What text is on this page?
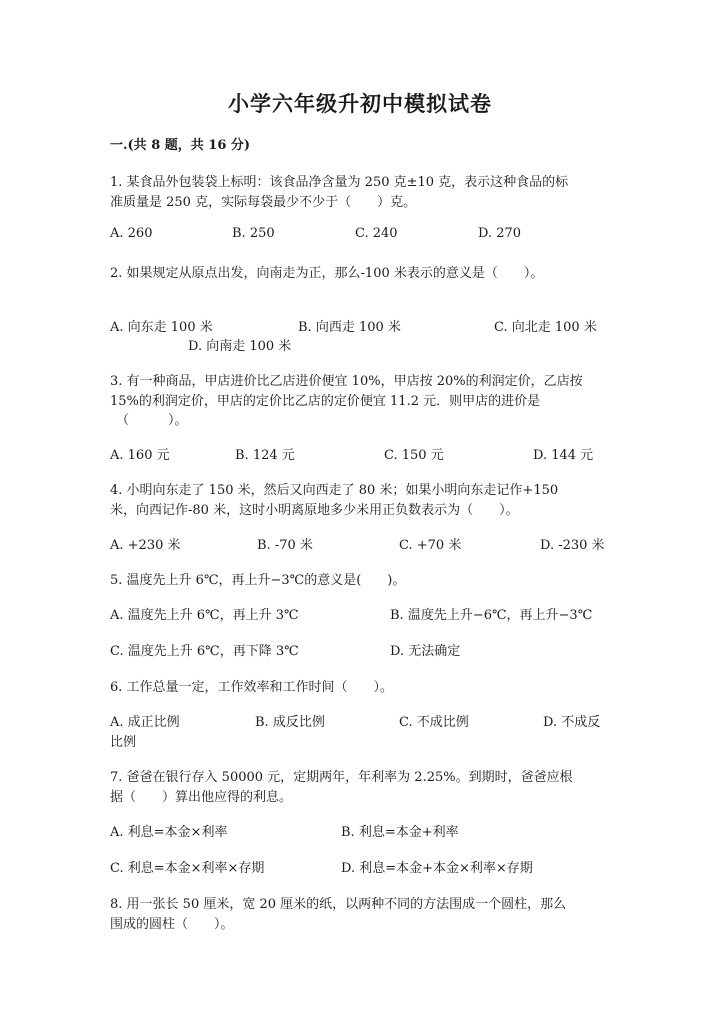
小学六年级升初中模拟试卷
一.(共 8 题，共 16 分)
1. 某食品外包装袋上标明：该食品净含量为 250 克±10 克，表示这种食品的标
准质量是 250 克，实际每袋最少不少于（　　）克。
A. 260	B. 250	C. 240	D. 270
2. 如果规定从原点出发，向南走为正，那么-100 米表示的意义是（　　）。
A. 向东走 100 米	B. 向西走 100 米	C. 向北走 100 米
D. 向南走 100 米
3. 有一种商品，甲店进价比乙店进价便宜 10%，甲店按 20%的利润定价，乙店按
15%的利润定价，甲店的定价比乙店的定价便宜 11.2 元．则甲店的进价是
（　　　）。
A. 160 元	B. 124 元	C. 150 元	D. 144 元
4. 小明向东走了 150 米，然后又向西走了 80 米；如果小明向东走记作+150
米，向西记作-80 米，这时小明离原地多少米用正负数表示为（　　）。
A. +230 米	B. -70 米	C. +70 米	D. -230 米
5. 温度先上升 6℃，再上升−3℃的意义是(　　)。
A. 温度先上升 6℃，再上升 3℃	B. 温度先上升−6℃，再上升−3℃
C. 温度先上升 6℃，再下降 3℃	D. 无法确定
6. 工作总量一定，工作效率和工作时间（　　）。
A. 成正比例	B. 成反比例	C. 不成比例	D. 不成反
比例
7. 爸爸在银行存入 50000 元，定期两年，年利率为 2.25%。到期时，爸爸应根
据（　　）算出他应得的利息。
A. 利息=本金×利率	B. 利息=本金+利率
C. 利息=本金×利率×存期	D. 利息=本金+本金×利率×存期
8. 用一张长 50 厘米，宽 20 厘米的纸，以两种不同的方法围成一个圆柱，那么
围成的圆柱（　　）。
